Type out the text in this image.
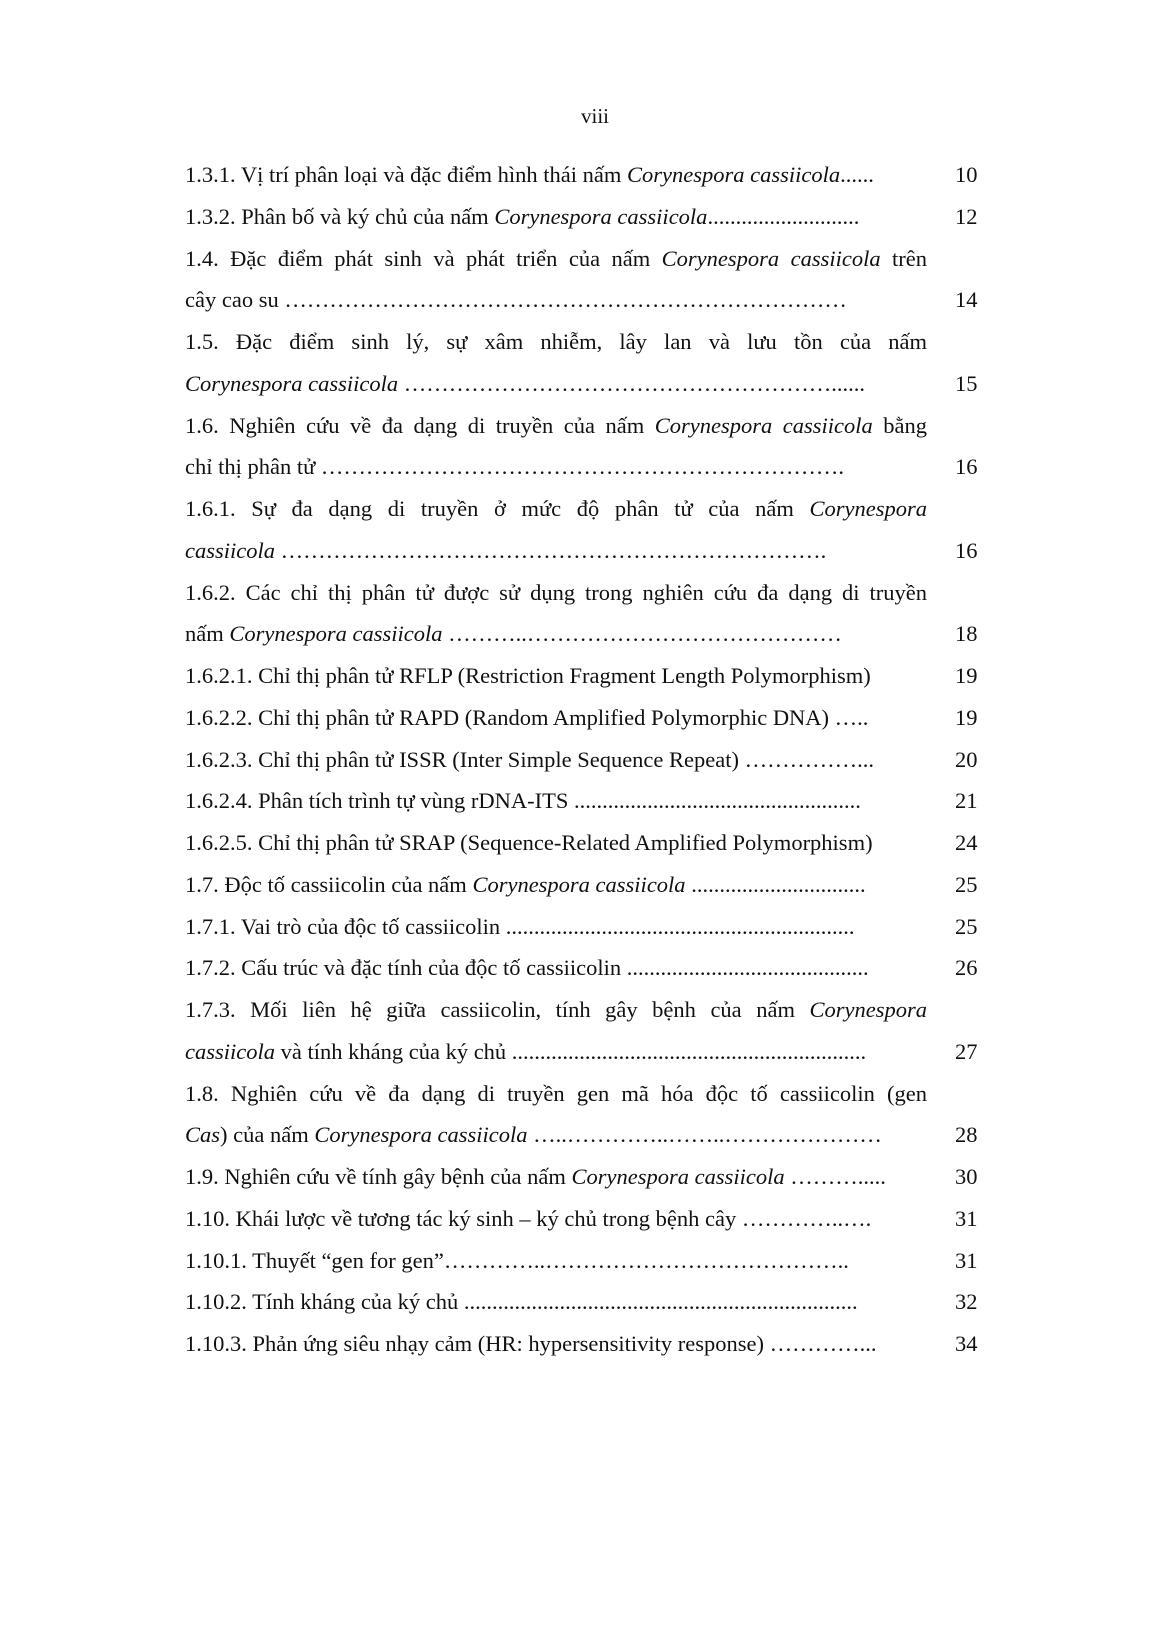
viii
1.3.1. Vị trí phân loại và đặc điểm hình thái nấm Corynespora cassiicola......	10
1.3.2. Phân bố và ký chủ của nấm Corynespora cassiicola...........................	12
1.4. Đặc điểm phát sinh và phát triển của nấm Corynespora cassiicola trên
cây cao su …………………………………………………………………	14
1.5. Đặc điểm sinh lý, sự xâm nhiễm, lây lan và lưu tồn của nấm
Corynespora cassiicola …………………………………………………......	15
1.6. Nghiên cứu về đa dạng di truyền của nấm Corynespora cassiicola bằng
chỉ thị phân tử …………………………………………………………….	16
1.6.1. Sự đa dạng di truyền ở mức độ phân tử của nấm Corynespora
cassiicola ……………………………………………………………….	16
1.6.2. Các chỉ thị phân tử được sử dụng trong nghiên cứu đa dạng di truyền
nấm Corynespora cassiicola ………..……………………………………	18
1.6.2.1. Chỉ thị phân tử RFLP (Restriction Fragment Length Polymorphism)	19
1.6.2.2. Chỉ thị phân tử RAPD (Random Amplified Polymorphic DNA) …..	19
1.6.2.3. Chỉ thị phân tử ISSR (Inter Simple Sequence Repeat) ……………...	20
1.6.2.4. Phân tích trình tự vùng rDNA-ITS ...................................................	21
1.6.2.5. Chỉ thị phân tử SRAP (Sequence-Related Amplified Polymorphism)	24
1.7. Độc tố cassiicolin của nấm Corynespora cassiicola ...............................	25
1.7.1. Vai trò của độc tố cassiicolin ..............................................................	25
1.7.2. Cấu trúc và đặc tính của độc tố cassiicolin ...........................................	26
1.7.3. Mối liên hệ giữa cassiicolin, tính gây bệnh của nấm Corynespora
cassiicola và tính kháng của ký chủ ...............................................................	27
1.8. Nghiên cứu về đa dạng di truyền gen mã hóa độc tố cassiicolin (gen
Cas) của nấm Corynespora cassiicola …..…………..……..…………………	28
1.9. Nghiên cứu về tính gây bệnh của nấm Corynespora cassiicola ……….....	30
1.10. Khái lược về tương tác ký sinh – ký chủ trong bệnh cây …………..….	31
1.10.1. Thuyết “gen for gen”…………..…………………………………..	31
1.10.2. Tính kháng của ký chủ ......................................................................	32
1.10.3. Phản ứng siêu nhạy cảm (HR: hypersensitivity response) …………...	34
